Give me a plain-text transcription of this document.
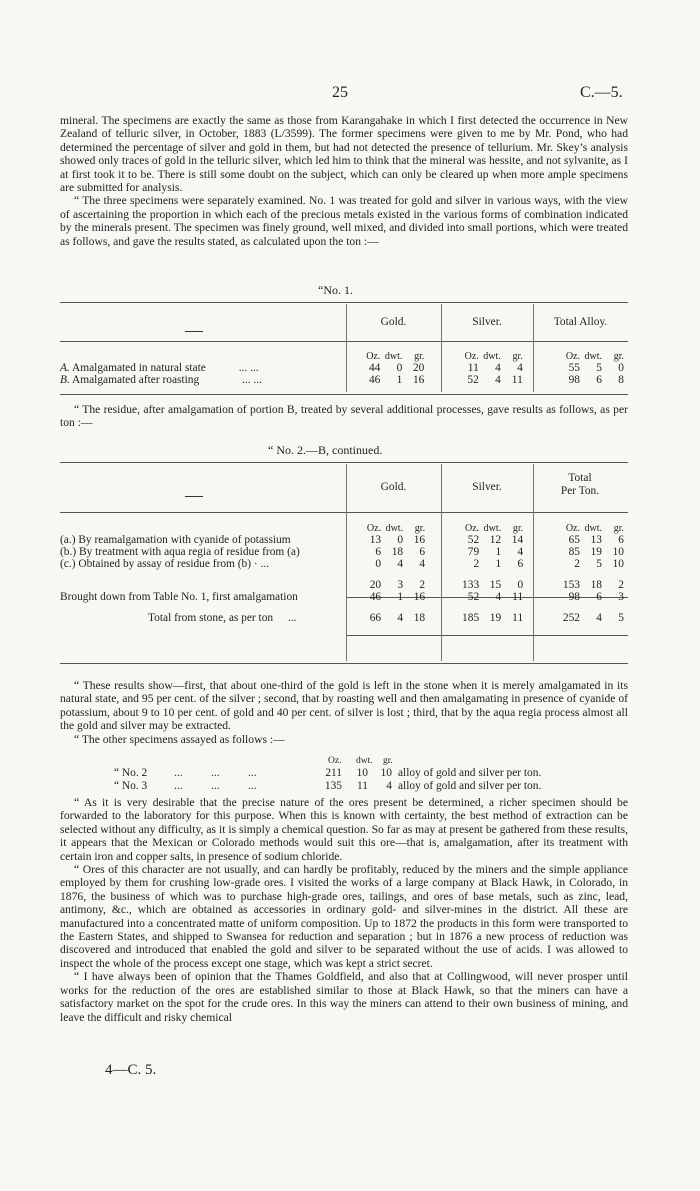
25	C.—5.

mineral. The specimens are exactly the same as those from Karangahake in which I first detected the occurrence in New Zealand of telluric silver, in October, 1883 (L/3599). The former specimens were given to me by Mr. Pond, who had determined the percentage of silver and gold in them, but had not detected the presence of tellurium. Mr. Skey’s analysis showed only traces of gold in the telluric silver, which led him to think that the mineral was hessite, and not sylvanite, as I at first took it to be. There is still some doubt on the subject, which can only be cleared up when more ample specimens are submitted for analysis.

“ The three specimens were separately examined. No. 1 was treated for gold and silver in various ways, with the view of ascertaining the proportion in which each of the precious metals existed in the various forms of combination indicated by the minerals present. The specimen was finely ground, well mixed, and divided into small portions, which were treated as follows, and gave the results stated, as calculated upon the ton :—

“No. 1.
Gold.	Silver.	Total Alloy.

	Oz. dwt. gr.	Oz. dwt. gr.	Oz. dwt. gr.

A. Amalgamated in natural state ... ...	44 0 20	11 4 4	55 5 0

B. Amalgamated after roasting ... ...	46 1 16	52 4 11	98 6 8

“ The residue, after amalgamation of portion B, treated by several additional processes, gave results as follows, as per ton :—

“ No. 2.—B, continued.
Gold.	Silver.
Total Per Ton.

	Oz. dwt. gr.	Oz. dwt. gr.	Oz. dwt. gr.

(a.) By reamalgamation with cyanide of potassium	13 0 16	52 12 14	65 13 6

(b.) By treatment with aqua regia of residue from (a)	6 18 6	79 1 4	85 19 10

(c.) Obtained by assay of residue from (b) · ...	0 4 4	2 1 6	2 5 10

	20 3 2	133 15 0	153 18 2

Brought down from Table No. 1, first amalgamation	46 1 16	52 4 11	98 6 3

Total from stone, as per ton ...	66 4 18	185 19 11	252 4 5

“ These results show—first, that about one-third of the gold is left in the stone when it is merely amalgamated in its natural state, and 95 per cent. of the silver ; second, that by roasting well and then amalgamating in presence of cyanide of potassium, about 9 to 10 per cent. of gold and 40 per cent. of silver is lost ; third, that by the aqua regia process almost all the gold and silver may be extracted.

“ The other specimens assayed as follows :—

Oz. dwt. gr.
“ No. 2 ...          ...          ...	211	10	10 alloy of gold and silver per ton.
“ No. 3 ...          ...          ...	135	11	4 alloy of gold and silver per ton.

“ As it is very desirable that the precise nature of the ores present be determined, a richer specimen should be forwarded to the laboratory for this purpose. When this is known with certainty, the best method of extraction can be selected without any difficulty, as it is simply a chemical question. So far as may at present be gathered from these results, it appears that the Mexican or Colorado methods would suit this ore—that is, amalgamation, after its treatment with certain iron and copper salts, in presence of sodium chloride.

“ Ores of this character are not usually, and can hardly be profitably, reduced by the miners and the simple appliance employed by them for crushing low-grade ores. I visited the works of a large company at Black Hawk, in Colorado, in 1876, the business of which was to purchase high-grade ores, tailings, and ores of base metals, such as zinc, lead, antimony, &c., which are obtained as accessories in ordinary gold- and silver-mines in the district. All these are manufactured into a concentrated matte of uniform composition. Up to 1872 the products in this form were transported to the Eastern States, and shipped to Swansea for reduction and separation ; but in 1876 a new process of reduction was discovered and introduced that enabled the gold and silver to be separated without the use of acids. I was allowed to inspect the whole of the process except one stage, which was kept a strict secret.

“ I have always been of opinion that the Thames Goldfield, and also that at Collingwood, will never prosper until works for the reduction of the ores are established similar to those at Black Hawk, so that the miners can have a satisfactory market on the spot for the crude ores. In this way the miners can attend to their own business of mining, and leave the difficult and risky chemical

4—C. 5.
